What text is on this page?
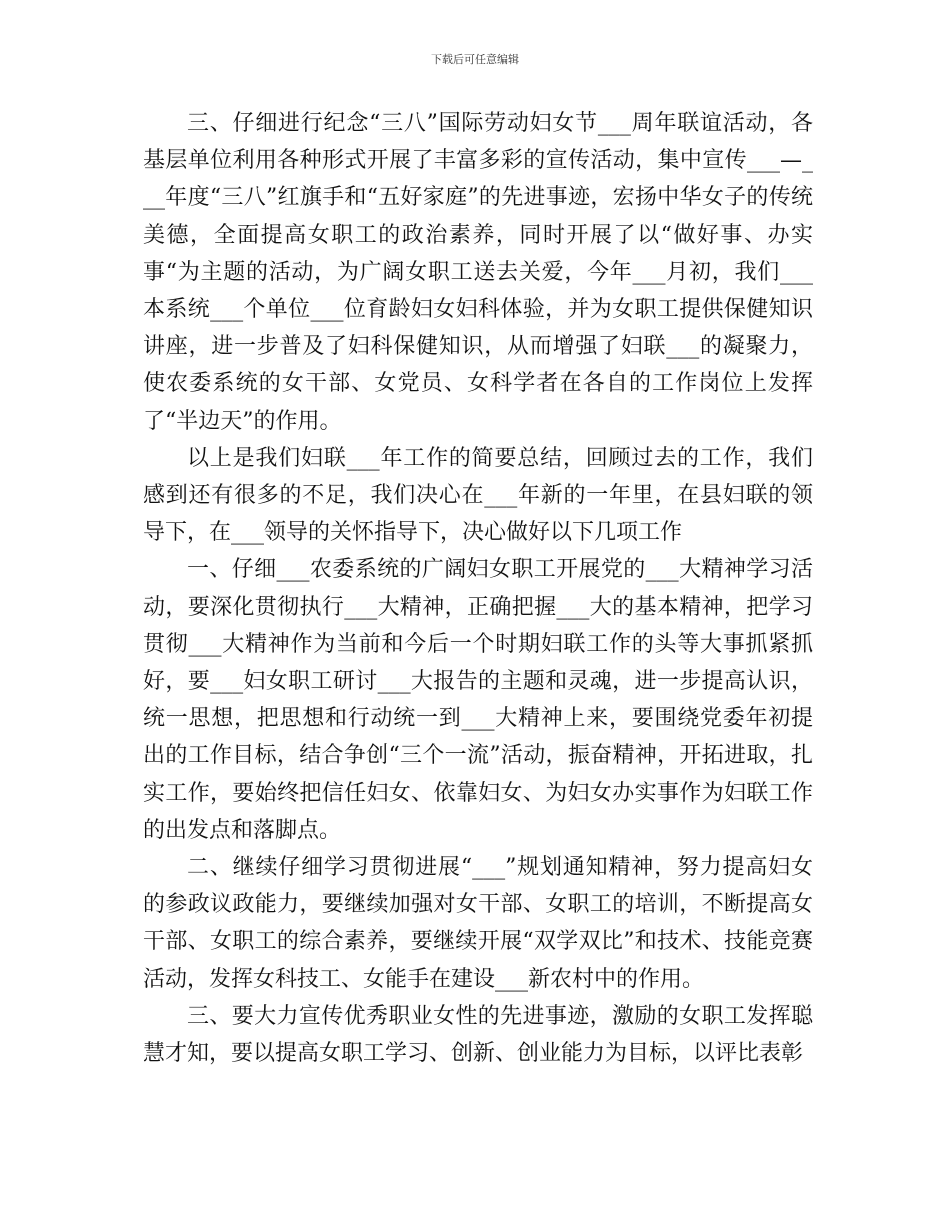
下载后可任意编辑

三、仔细进行纪念“三八”国际劳动妇女节___周年联谊活动，各基层单位利用各种形式开展了丰富多彩的宣传活动，集中宣传___—___年度“三八”红旗手和“五好家庭”的先进事迹，宏扬中华女子的传统美德，全面提高女职工的政治素养，同时开展了以“做好事、办实事“为主题的活动，为广阔女职工送去关爱，今年___月初，我们___本系统___个单位___位育龄妇女妇科体验，并为女职工提供保健知识讲座，进一步普及了妇科保健知识，从而增强了妇联___的凝聚力，使农委系统的女干部、女党员、女科学者在各自的工作岗位上发挥了“半边天”的作用。

以上是我们妇联___年工作的简要总结，回顾过去的工作，我们感到还有很多的不足，我们决心在___年新的一年里，在县妇联的领导下，在___领导的关怀指导下，决心做好以下几项工作

一、仔细___农委系统的广阔妇女职工开展党的___大精神学习活动，要深化贯彻执行___大精神，正确把握___大的基本精神，把学习贯彻___大精神作为当前和今后一个时期妇联工作的头等大事抓紧抓好，要___妇女职工研讨___大报告的主题和灵魂，进一步提高认识，统一思想，把思想和行动统一到___大精神上来，要围绕党委年初提出的工作目标，结合争创“三个一流”活动，振奋精神，开拓进取，扎实工作，要始终把信任妇女、依靠妇女、为妇女办实事作为妇联工作的出发点和落脚点。

二、继续仔细学习贯彻进展“___”规划通知精神，努力提高妇女的参政议政能力，要继续加强对女干部、女职工的培训，不断提高女干部、女职工的综合素养，要继续开展“双学双比”和技术、技能竞赛活动，发挥女科技工、女能手在建设___新农村中的作用。

三、要大力宣传优秀职业女性的先进事迹，激励的女职工发挥聪慧才知，要以提高女职工学习、创新、创业能力为目标，以评比表彰
